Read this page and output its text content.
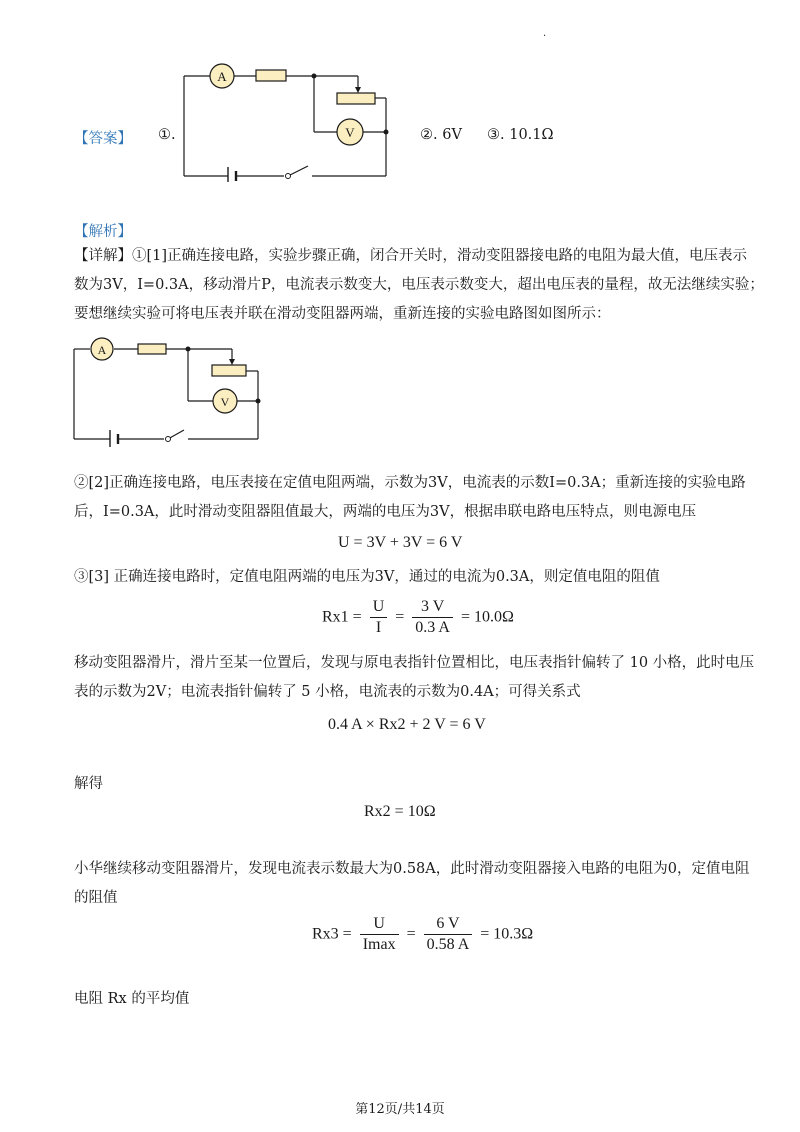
.
【答案】 ①.
A
V	②. 6V ③. 10.1Ω
【解析】
【详解】①[1]正确连接电路，实验步骤正确，闭合开关时，滑动变阻器接电路的电阻为最大值，电压表示
数为3V，I=0.3A，移动滑片P，电流表示数变大，电压表示数变大，超出电压表的量程，故无法继续实验；
要想继续实验可将电压表并联在滑动变阻器两端，重新连接的实验电路图如图所示：
A
V
②[2]正确连接电路，电压表接在定值电阻两端，示数为3V，电流表的示数I=0.3A；重新连接的实验电路
后，I=0.3A，此时滑动变阻器阻值最大，两端的电压为3V，根据串联电路电压特点，则电源电压
U = 3V + 3V = 6 V
③[3] 正确连接电路时，定值电阻两端的电压为3V，通过的电流为0.3A，则定值电阻的阻值
$Rx1 = \frac{U}{I} = \frac{3 V}{0.3 A} = 10.0\Omega$
移动变阻器滑片，滑片至某一位置后，发现与原电表指针位置相比，电压表指针偏转了 10 小格，此时电压
表的示数为2V；电流表指针偏转了 5 小格，电流表的示数为0.4A；可得关系式
0.4 A × Rx2 + 2 V = 6 V
解得
Rx2 = 10Ω
小华继续移动变阻器滑片，发现电流表示数最大为0.58A，此时滑动变阻器接入电路的电阻为0，定值电阻
的阻值
$Rx3 = \frac{U}{Imax} = \frac{6 V}{0.58 A} = 10.3\Omega$
电阻 Rx 的平均值
第12页/共14页
